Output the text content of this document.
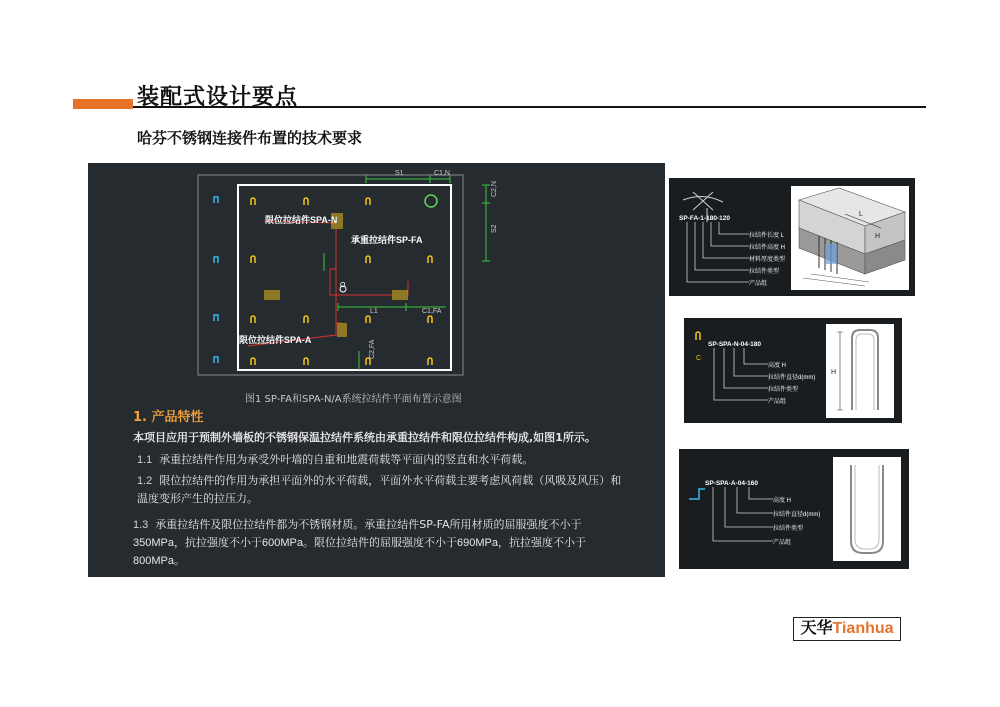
装配式设计要点
哈芬不锈钢连接件布置的技术要求
限位拉结件SPA-N
承重拉结件SP-FA
限位拉结件SPA-A
S1	C1,N
C2,N
S2
L1	C1,FA
C2,FA
O
图1 SP-FA和SPA-N/A系统拉结件平面布置示意图
1. 产品特性
本项目应用于预制外墙板的不锈钢保温拉结件系统由承重拉结件和限位拉结件构成,如图1所示。
1.1 承重拉结件作用为承受外叶墙的自重和地震荷载等平面内的竖直和水平荷载。
1.2 限位拉结件的作用为承担平面外的水平荷载，平面外水平荷载主要考虑风荷载（风吸及风压）和
温度变形产生的拉压力。
1.3 承重拉结件及限位拉结件都为不锈钢材质。承重拉结件SP-FA所用材质的屈服强度不小于
350MPa，抗拉强度不小于600MPa。限位拉结件的屈服强度不小于690MPa，抗拉强度不小于
800MPa。
SP-FA-1-180-120
拉结件长度 L
拉结件高度 H
材料厚度类型
拉结件类型
产品组
L
H
C
SP-SPA-N-04-180
高度 H
拉结件直径d(mm)
拉结件类型
产品组
H
SP-SPA-A-04-160
高度 H
拉结件直径d(mm)
拉结件类型
产品组
天华Tianhua
